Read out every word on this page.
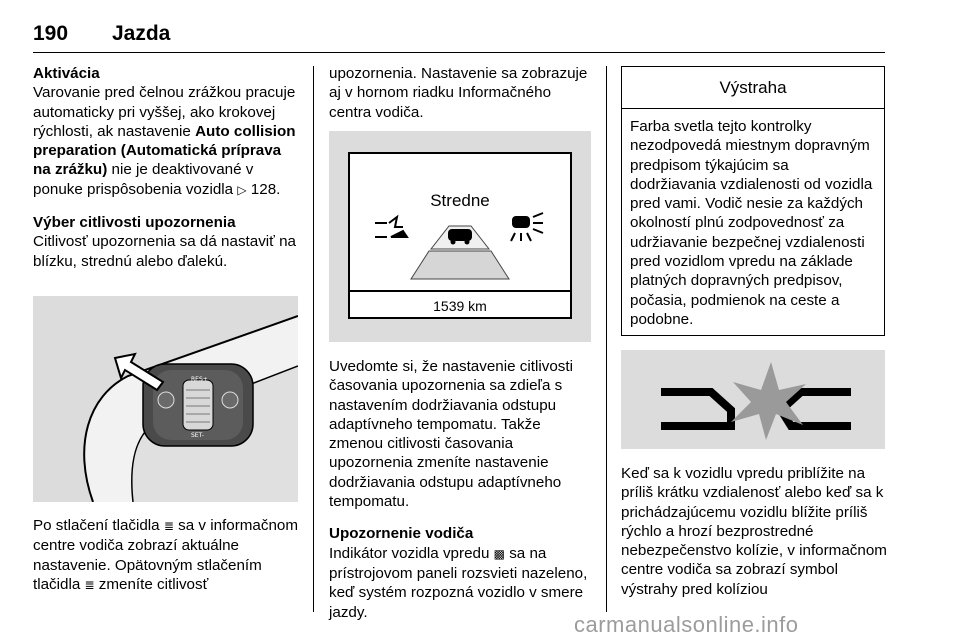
190 Jazda

Aktivácia

Varovanie pred čelnou zrážkou pracuje automaticky pri vyššej, ako krokovej rýchlosti, ak nastavenie Auto collision preparation (Automatická príprava na zrážku) nie je deaktivované v ponuke prispôsobenia vozidla ▷ 128.

Výber citlivosti upozornenia

Citlivosť upozornenia sa dá nastaviť na blízku, strednú alebo ďalekú.

RES+
SET-

Po stlačení tlačidla ≣ sa v informačnom centre vodiča zobrazí aktuálne nastavenie. Opätovným stlačením tlačidla ≣ zmeníte citlivosť

upozornenia. Nastavenie sa zobrazuje aj v hornom riadku Informačného centra vodiča.

Stredne
1539 km

Uvedomte si, že nastavenie citlivosti časovania upozornenia sa zdieľa s nastavením dodržiavania odstupu adaptívneho tempomatu. Takže zmenou citlivosti časovania upozornenia zmeníte nastavenie dodržiavania odstupu adaptívneho tempomatu.

Upozornenie vodiča

Indikátor vozidla vpredu ▩ sa na prístrojovom paneli rozsvieti nazeleno, keď systém rozpozná vozidlo v smere jazdy.

Výstraha
Farba svetla tejto kontrolky nezodpovedá miestnym dopravným predpisom týkajúcim sa dodržiavania vzdialenosti od vozidla pred vami. Vodič nesie za každých okolností plnú zodpovednosť za udržiavanie bezpečnej vzdialenosti pred vozidlom vpredu na základe platných dopravných predpisov, počasia, podmienok na ceste a podobne.

Keď sa k vozidlu vpredu priblížite na príliš krátku vzdialenosť alebo keď sa k prichádzajúcemu vozidlu blížite príliš rýchlo a hrozí bezprostredné nebezpečenstvo kolízie, v informačnom centre vodiča sa zobrazí symbol výstrahy pred kolíziou

carmanualsonline.info
